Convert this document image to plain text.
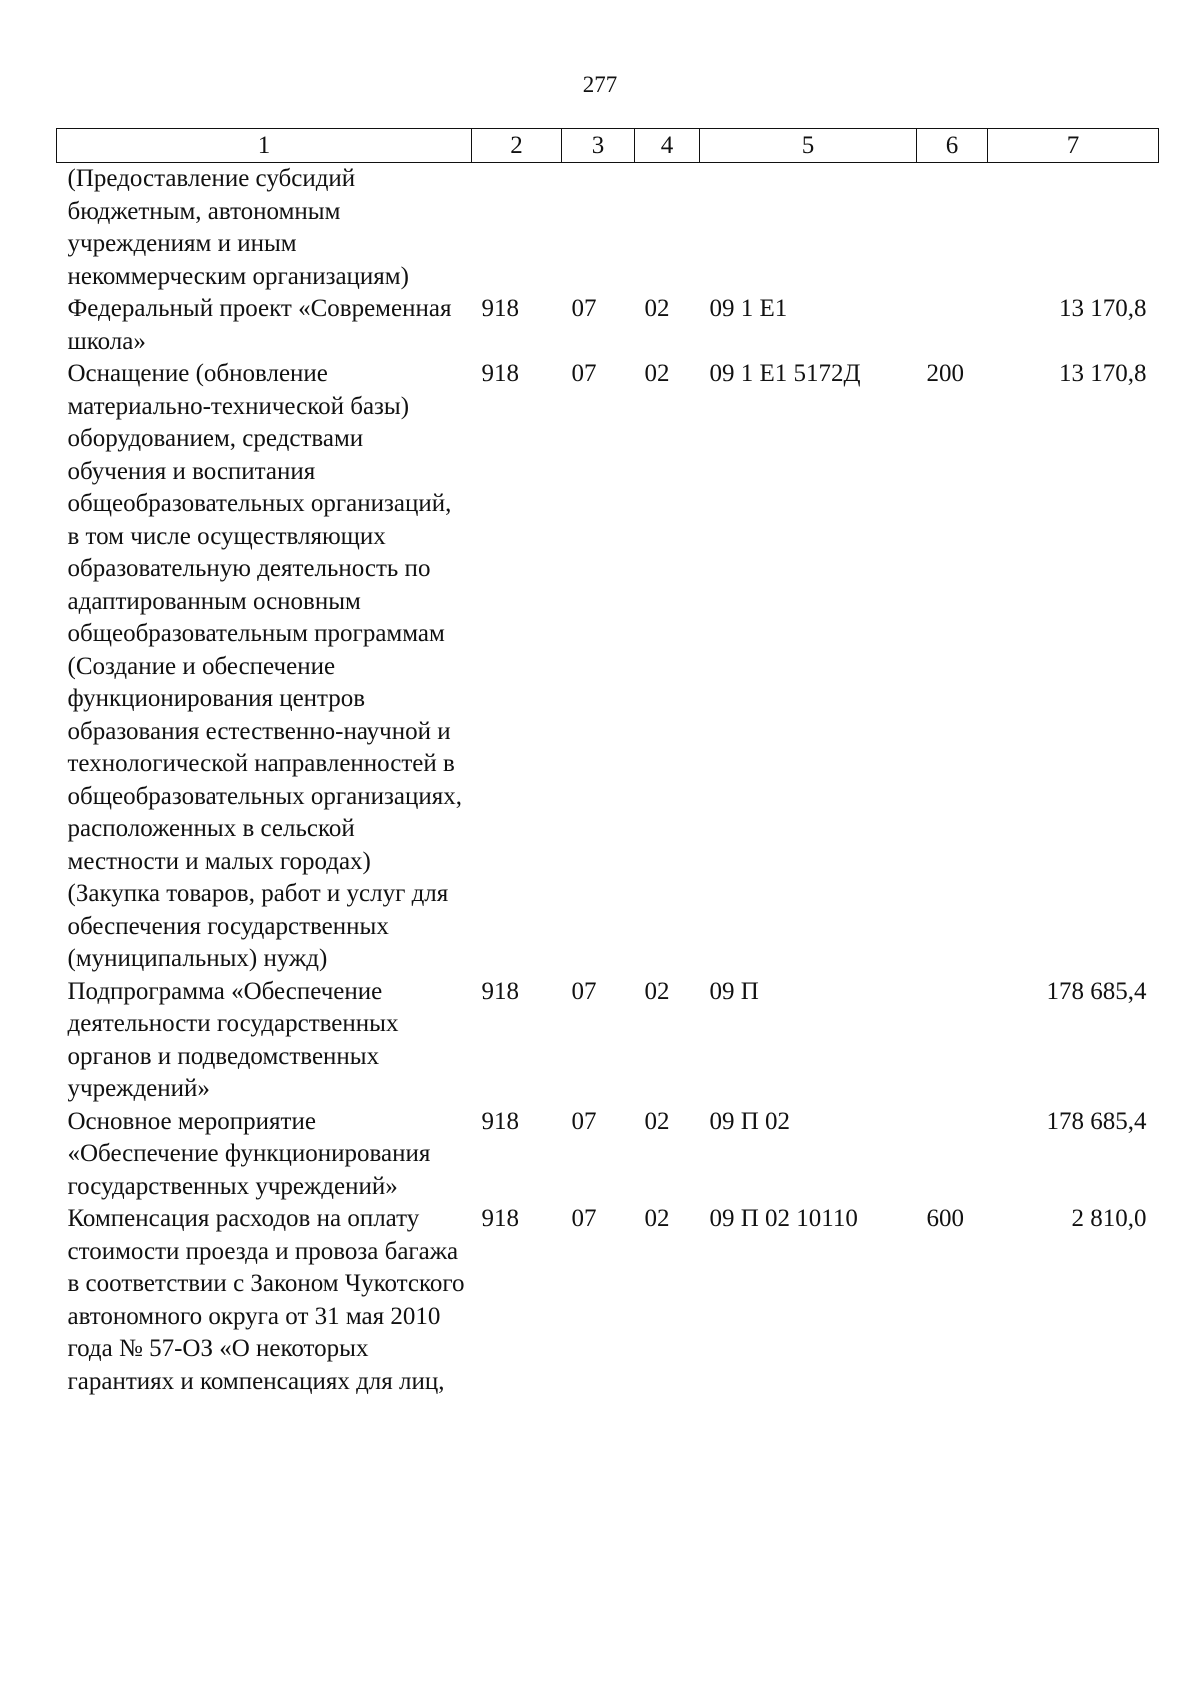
277
1	2	3	4	5	6	7
(Предоставление субсидий бюджетным, автономным учреждениям и иным некоммерческим организациям)						
Федеральный проект «Современная школа»	918	07	02	09 1 E1		13 170,8
Оснащение (обновление материально-технической базы) оборудованием, средствами обучения и воспитания общеобразовательных организаций, в том числе осуществляющих образовательную деятельность по адаптированным основным общеобразовательным программам (Создание и обеспечение функционирования центров образования естественно-научной и технологической направленностей в общеобразовательных организациях, расположенных в сельской местности и малых городах) (Закупка товаров, работ и услуг для обеспечения государственных (муниципальных) нужд)	918	07	02	09 1 E1 5172Д	200	13 170,8
Подпрограмма «Обеспечение деятельности государственных органов и подведомственных учреждений»	918	07	02	09 П		178 685,4
Основное мероприятие «Обеспечение функционирования государственных учреждений»	918	07	02	09 П 02		178 685,4
Компенсация расходов на оплату стоимости проезда и провоза багажа в соответствии с Законом Чукотского автономного округа от 31 мая 2010 года № 57-ОЗ «О некоторых гарантиях и компенсациях для лиц,	918	07	02	09 П 02 10110	600	2 810,0
